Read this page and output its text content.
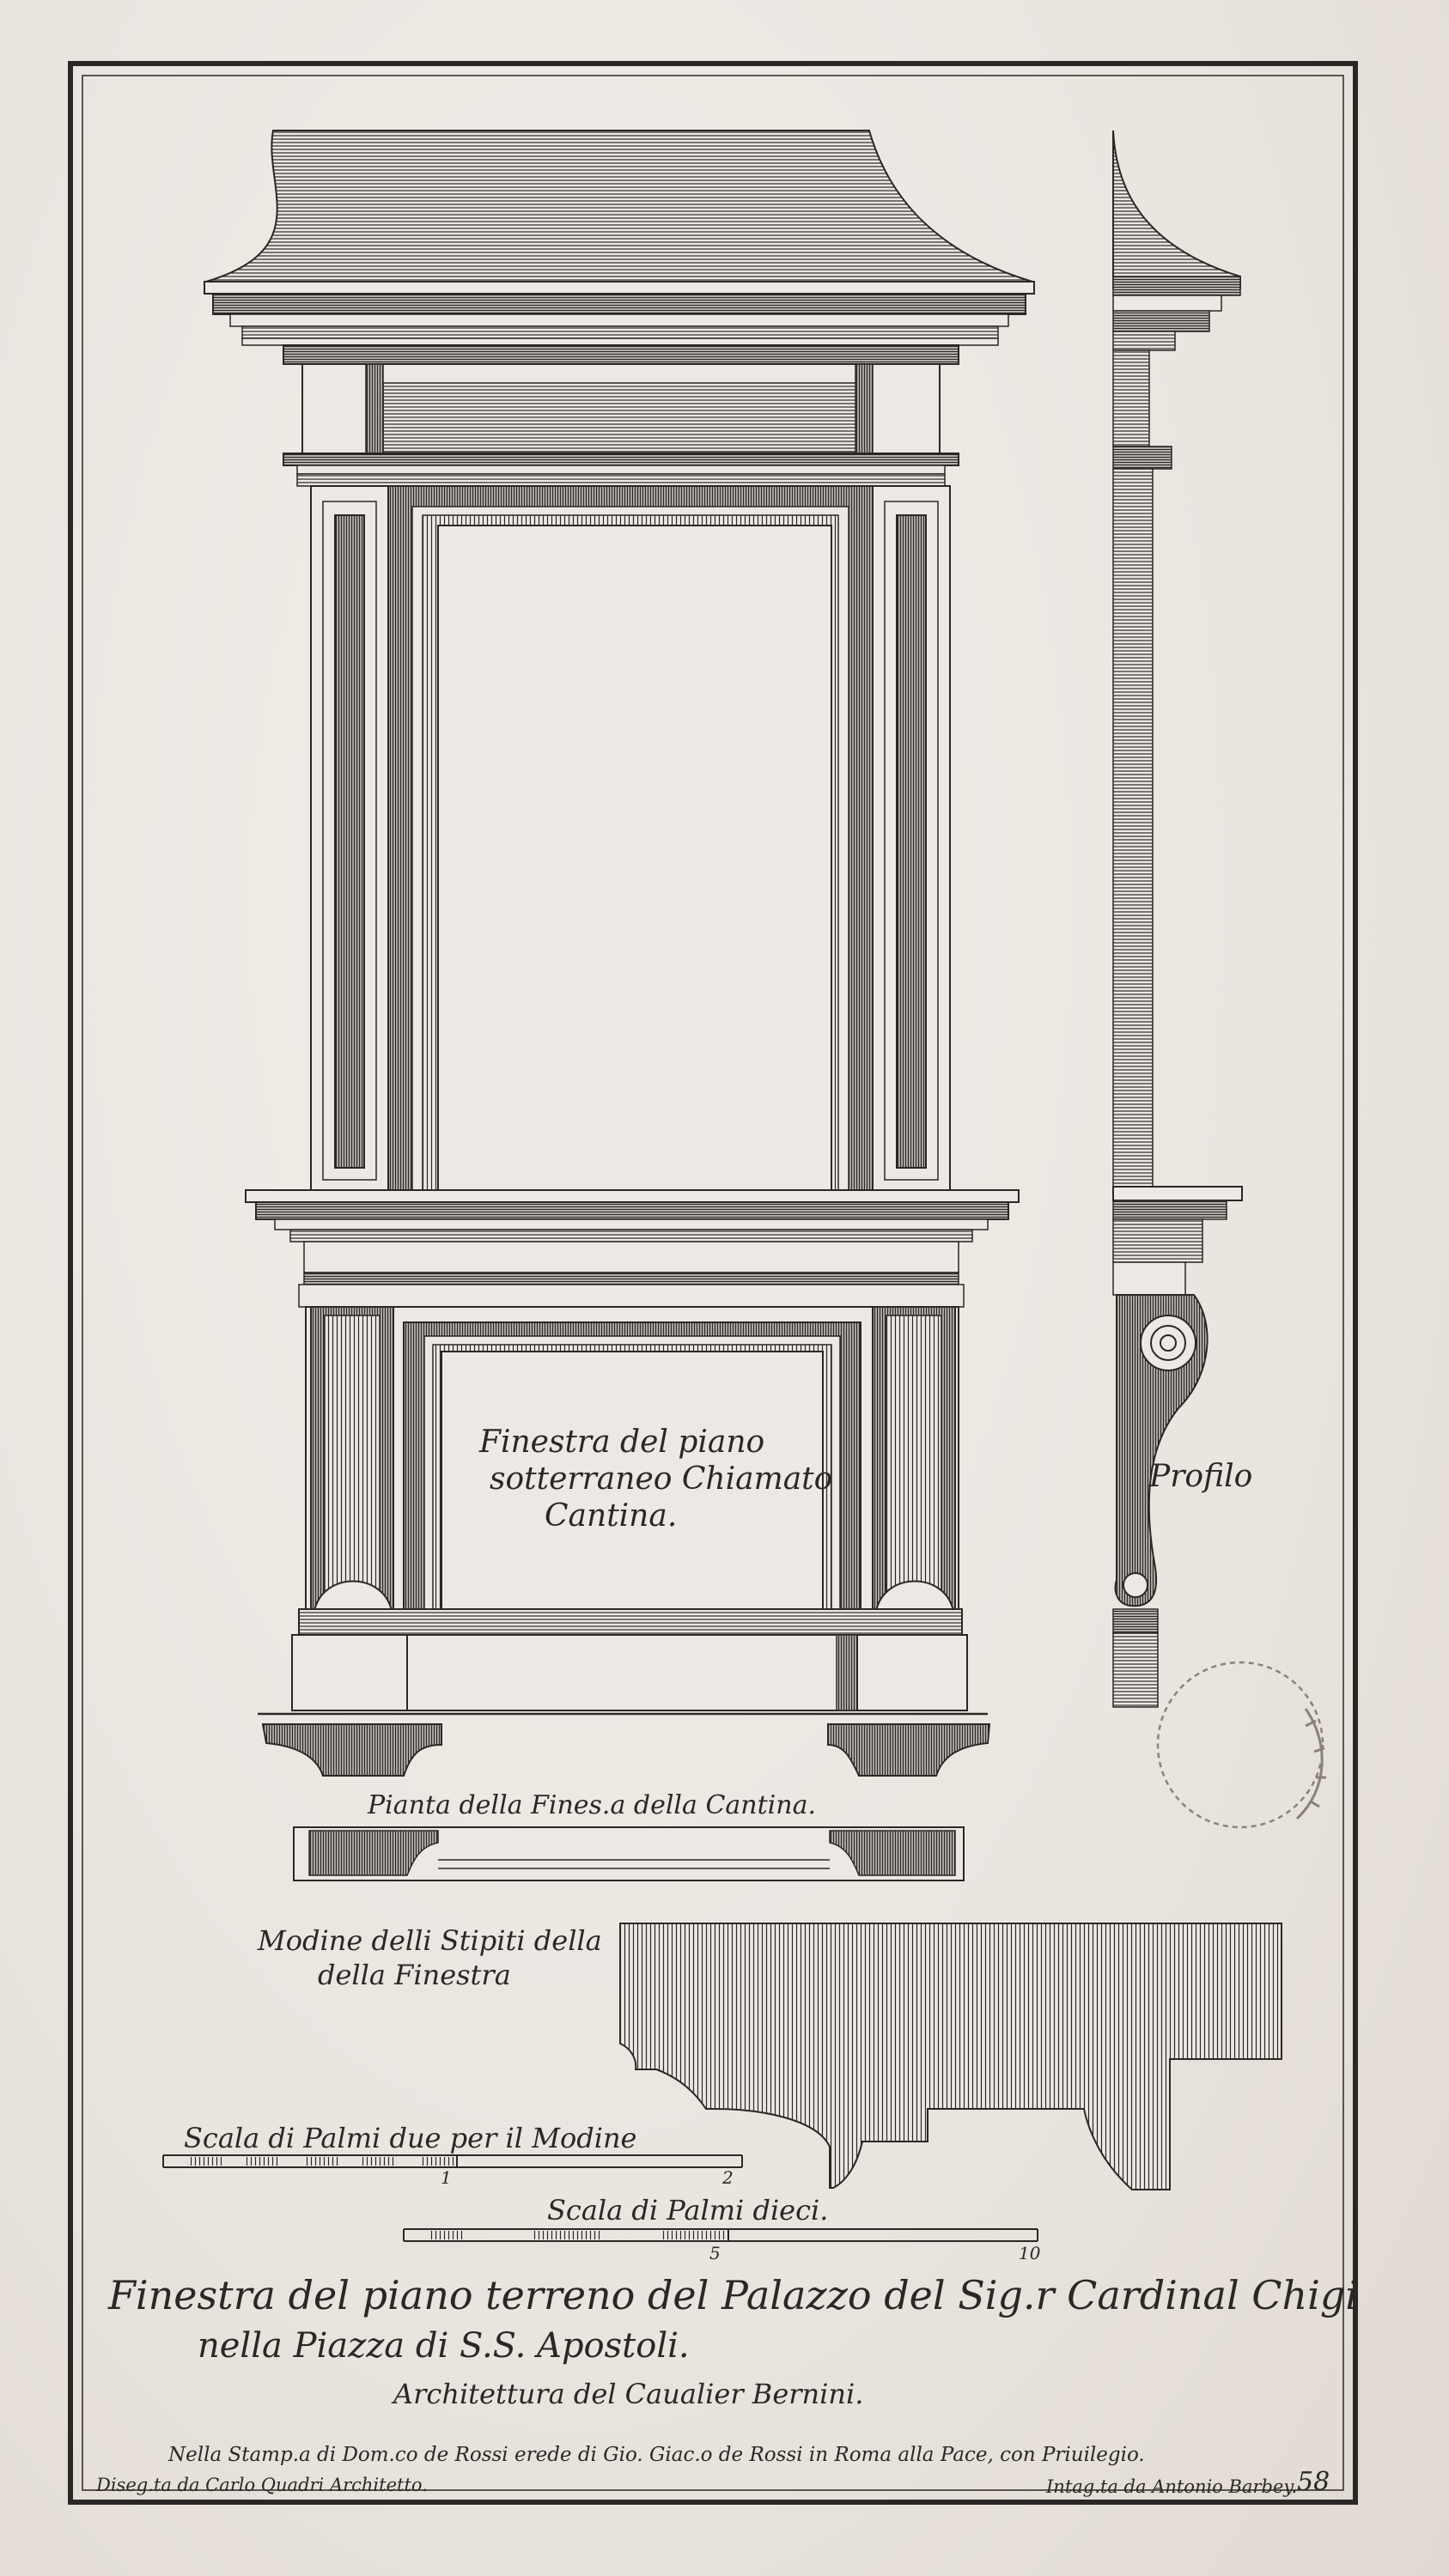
Finestra del piano
sotterraneo Chiamato
Cantina.

Profilo

Pianta della Fines.a della Cantina.

Modine delli Stipiti della
della Finestra

Scala di Palmi due per il Modine

1	2

Scala di Palmi dieci.

5	10

Finestra del piano terreno del Palazzo del Sig.r Cardinal Chigi

nella Piazza di S.S. Apostoli.

Architettura del Caualier Bernini.

Nella Stamp.a di Dom.co de Rossi erede di Gio. Giac.o de Rossi in Roma alla Pace, con Priuilegio.

Diseg.ta da Carlo Quadri Architetto.	Intag.ta da Antonio Barbey. 58
